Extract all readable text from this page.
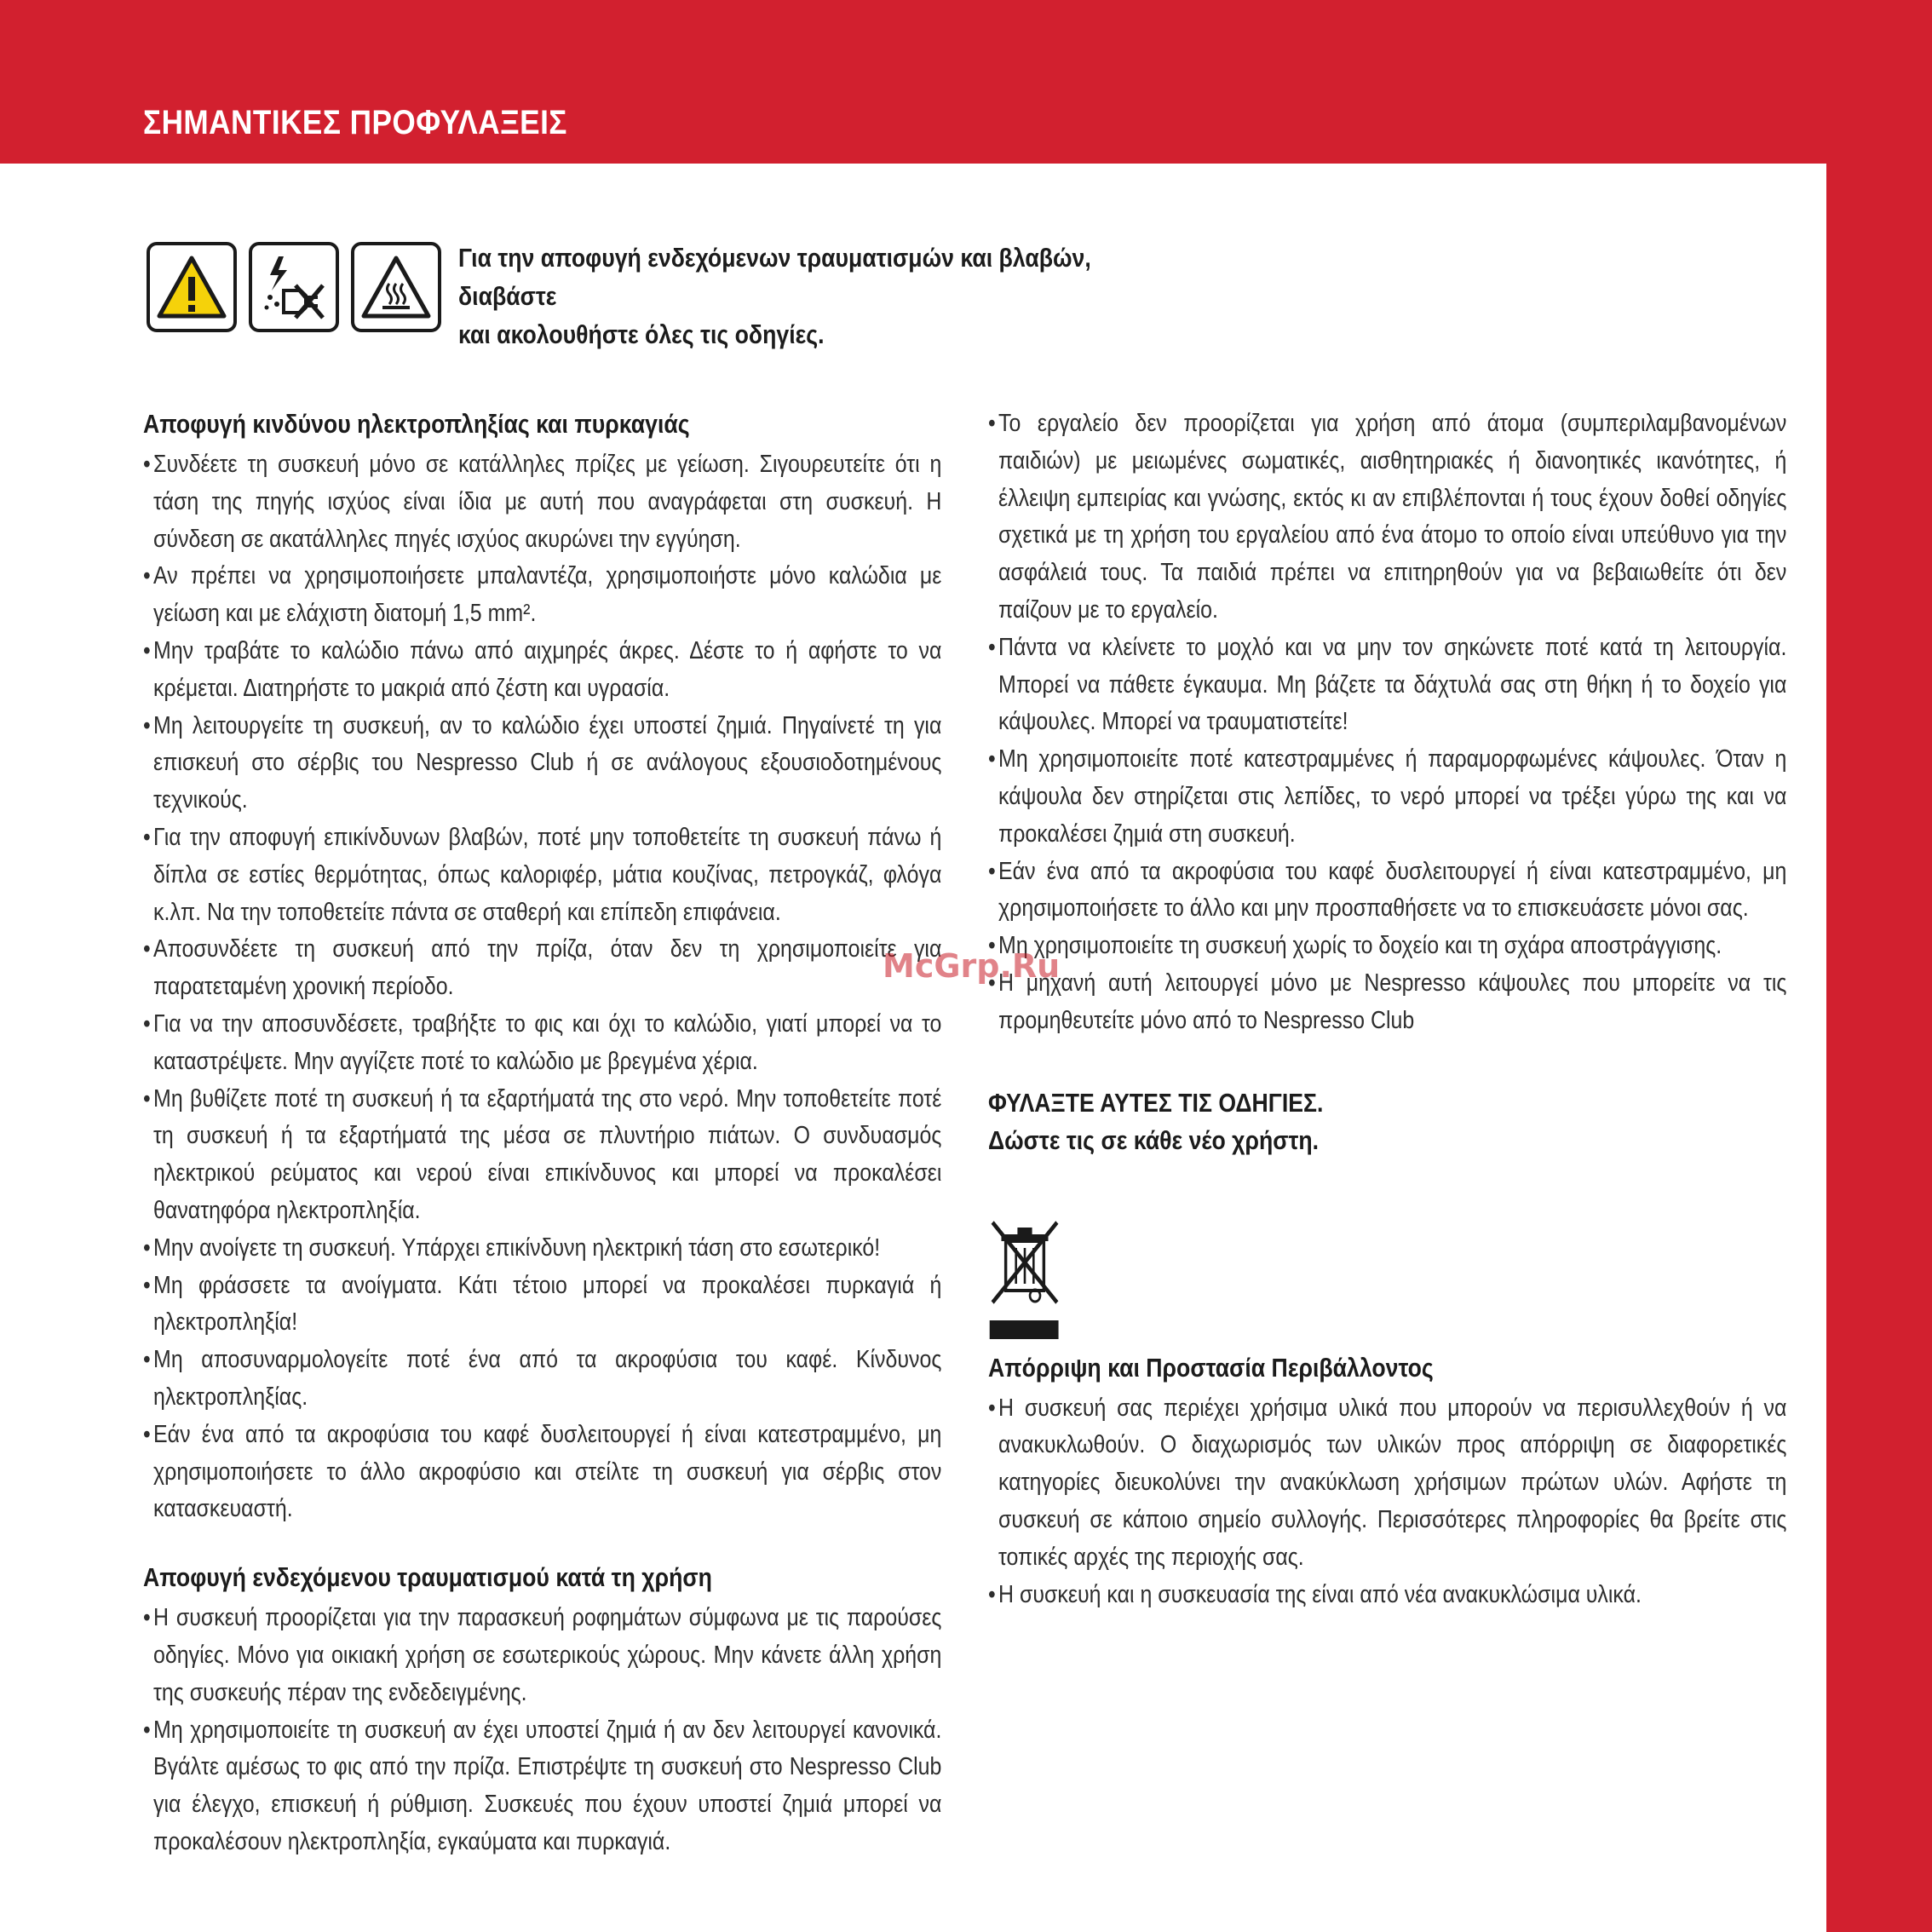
ΣΗΜΑΝΤΙΚΕΣ ΠΡΟΦΥΛΑΞΕΙΣ
Για την αποφυγή ενδεχόμενων τραυματισμών και βλαβών, διαβάστε
και ακολουθήστε όλες τις οδηγίες.
Αποφυγή κινδύνου ηλεκτροπληξίας και πυρκαγιάς
• Συνδέετε τη συσκευή μόνο σε κατάλληλες πρίζες με γείωση. Σιγουρευτείτε ότι η τάση της πηγής ισχύος είναι ίδια με αυτή που αναγράφεται στη συσκευή. Η σύνδεση σε ακατάλληλες πηγές ισχύος ακυρώνει την εγγύηση.
• Αν πρέπει να χρησιμοποιήσετε μπαλαντέζα, χρησιμοποιήστε μόνο καλώδια με γείωση και με ελάχιστη διατομή 1,5 mm².
• Μην τραβάτε το καλώδιο πάνω από αιχμηρές άκρες. Δέστε το ή αφήστε το να κρέμεται. Διατηρήστε το μακριά από ζέστη και υγρασία.
• Μη λειτουργείτε τη συσκευή, αν το καλώδιο έχει υποστεί ζημιά. Πηγαίνετέ τη για επισκευή στο σέρβις του Nespresso Club ή σε ανάλογους εξουσιοδοτημένους τεχνικούς.
• Για την αποφυγή επικίνδυνων βλαβών, ποτέ μην τοποθετείτε τη συσκευή πάνω ή δίπλα σε εστίες θερμότητας, όπως καλοριφέρ, μάτια κουζίνας, πετρογκάζ, φλόγα κ.λπ. Να την τοποθετείτε πάντα σε σταθερή και επίπεδη επιφάνεια.
• Αποσυνδέετε τη συσκευή από την πρίζα, όταν δεν τη χρησιμοποιείτε για παρατεταμένη χρονική περίοδο.
• Για να την αποσυνδέσετε, τραβήξτε το φις και όχι το καλώδιο, γιατί μπορεί να το καταστρέψετε. Μην αγγίζετε ποτέ το καλώδιο με βρεγμένα χέρια.
• Μη βυθίζετε ποτέ τη συσκευή ή τα εξαρτήματά της στο νερό. Μην τοποθετείτε ποτέ τη συσκευή ή τα εξαρτήματά της μέσα σε πλυντήριο πιάτων. Ο συνδυασμός ηλεκτρικού ρεύματος και νερού είναι επικίνδυνος και μπορεί να προκαλέσει θανατηφόρα ηλεκτροπληξία.
• Μην ανοίγετε τη συσκευή. Υπάρχει επικίνδυνη ηλεκτρική τάση στο εσωτερικό!
• Μη φράσσετε τα ανοίγματα. Κάτι τέτοιο μπορεί να προκαλέσει πυρκαγιά ή ηλεκτροπληξία!
• Μη αποσυναρμολογείτε ποτέ ένα από τα ακροφύσια του καφέ. Κίνδυνος ηλεκτροπληξίας.
• Εάν ένα από τα ακροφύσια του καφέ δυσλειτουργεί ή είναι κατεστραμμένο, μη χρησιμοποιήσετε το άλλο ακροφύσιο και στείλτε τη συσκευή για σέρβις στον κατασκευαστή.
Αποφυγή ενδεχόμενου τραυματισμού κατά τη χρήση
• Η συσκευή προορίζεται για την παρασκευή ροφημάτων σύμφωνα με τις παρούσες οδηγίες. Μόνο για οικιακή χρήση σε εσωτερικούς χώρους. Μην κάνετε άλλη χρήση της συσκευής πέραν της ενδεδειγμένης.
• Μη χρησιμοποιείτε τη συσκευή αν έχει υποστεί ζημιά ή αν δεν λειτουργεί κανονικά. Βγάλτε αμέσως το φις από την πρίζα. Επιστρέψτε τη συσκευή στο Nespresso Club για έλεγχο, επισκευή ή ρύθμιση. Συσκευές που έχουν υποστεί ζημιά μπορεί να προκαλέσουν ηλεκτροπληξία, εγκαύματα και πυρκαγιά.
• Το εργαλείο δεν προορίζεται για χρήση από άτομα (συμπεριλαμβανομένων παιδιών) με μειωμένες σωματικές, αισθητηριακές ή διανοητικές ικανότητες, ή έλλειψη εμπειρίας και γνώσης, εκτός κι αν επιβλέπονται ή τους έχουν δοθεί οδηγίες σχετικά με τη χρήση του εργαλείου από ένα άτομο το οποίο είναι υπεύθυνο για την ασφάλειά τους. Τα παιδιά πρέπει να επιτηρηθούν για να βεβαιωθείτε ότι δεν παίζουν με το εργαλείο.
• Πάντα να κλείνετε το μοχλό και να μην τον σηκώνετε ποτέ κατά τη λειτουργία. Μπορεί να πάθετε έγκαυμα. Μη βάζετε τα δάχτυλά σας στη θήκη ή το δοχείο για κάψουλες. Μπορεί να τραυματιστείτε!
• Μη χρησιμοποιείτε ποτέ κατεστραμμένες ή παραμορφωμένες κάψουλες. Όταν η κάψουλα δεν στηρίζεται στις λεπίδες, το νερό μπορεί να τρέξει γύρω της και να προκαλέσει ζημιά στη συσκευή.
• Εάν ένα από τα ακροφύσια του καφέ δυσλειτουργεί ή είναι κατεστραμμένο, μη χρησιμοποιήσετε το άλλο και μην προσπαθήσετε να το επισκευάσετε μόνοι σας.
• Μη χρησιμοποιείτε τη συσκευή χωρίς το δοχείο και τη σχάρα αποστράγγισης.
• Η μηχανή αυτή λειτουργεί μόνο με Nespresso κάψουλες που μπορείτε να τις προμηθευτείτε μόνο από το Nespresso Club
ΦΥΛΑΞΤΕ ΑΥΤΕΣ ΤΙΣ ΟΔΗΓΙΕΣ.
Δώστε τις σε κάθε νέο χρήστη.
Απόρριψη και Προστασία Περιβάλλοντος
• Η συσκευή σας περιέχει χρήσιμα υλικά που μπορούν να περισυλλεχθούν ή να ανακυκλωθούν. Ο διαχωρισμός των υλικών προς απόρριψη σε διαφορετικές κατηγορίες διευκολύνει την ανακύκλωση χρήσιμων πρώτων υλών. Αφήστε τη συσκευή σε κάποιο σημείο συλλογής. Περισσότερες πληροφορίες θα βρείτε στις τοπικές αρχές της περιοχής σας.
• Η συσκευή και η συσκευασία της είναι από νέα ανακυκλώσιμα υλικά.
McGrp.Ru
